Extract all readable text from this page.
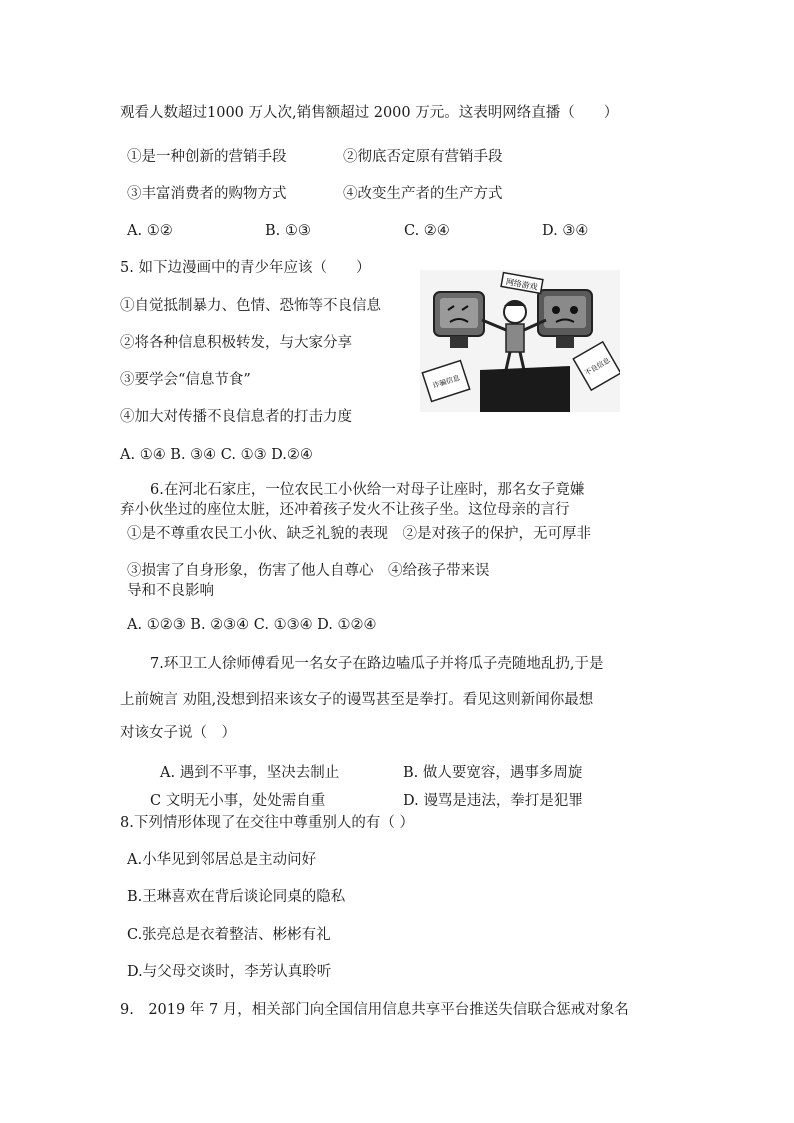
观看人数超过1000 万人次,销售额超过 2000 万元。这表明网络直播（　　）
①是一种创新的营销手段	②彻底否定原有营销手段
③丰富消费者的购物方式	④改变生产者的生产方式
A. ①②	B. ①③	C. ②④	D. ③④
5. 如下边漫画中的青少年应该（　　）
①自觉抵制暴力、色情、恐怖等不良信息
②将各种信息积极转发，与大家分享
③要学会“信息节食”
④加大对传播不良信息者的打击力度
A. ①④ B. ③④ C. ①③ D.②④
网络游戏
诈骗信息
不良信息
6.在河北石家庄，一位农民工小伙给一对母子让座时，那名女子竟嫌
弃小伙坐过的座位太脏，还冲着孩子发火不让孩子坐。这位母亲的言行
①是不尊重农民工小伙、缺乏礼貌的表现　②是对孩子的保护，无可厚非
③损害了自身形象，伤害了他人自尊心　④给孩子带来误
导和不良影响
A. ①②③ B. ②③④ C. ①③④ D. ①②④
7.环卫工人徐师傅看见一名女子在路边嗑瓜子并将瓜子壳随地乱扔,于是
上前婉言 劝阻,没想到招来该女子的谩骂甚至是拳打。看见这则新闻你最想
对该女子说（　）
A. 遇到不平事，坚决去制止	B. 做人要宽容，遇事多周旋
C 文明无小事，处处需自重	D. 谩骂是违法，拳打是犯罪
8.下列情形体现了在交往中尊重别人的有（ ）
A.小华见到邻居总是主动问好
B.王琳喜欢在背后谈论同桌的隐私
C.张亮总是衣着整洁、彬彬有礼
D.与父母交谈时，李芳认真聆听
9.　2019 年 7 月，相关部门向全国信用信息共享平台推送失信联合惩戒对象名
